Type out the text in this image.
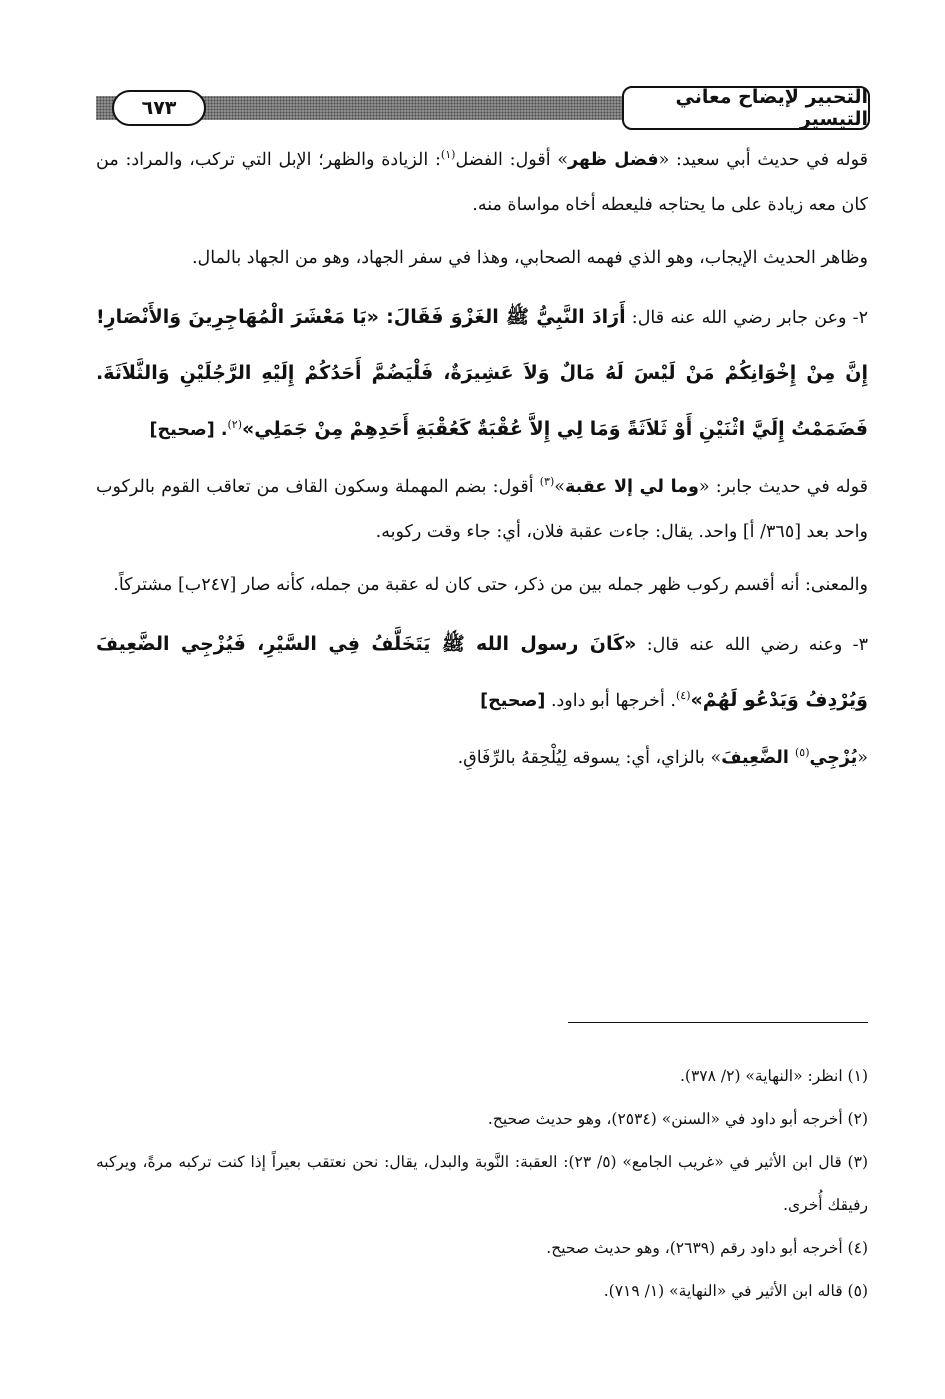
التحبير لإيضاح معاني التيسير
٦٧٣

قوله في حديث أبي سعيد: «فضل ظهر» أقول: الفضل$^{(١)}$: الزيادة والظهر؛ الإبل التي تركب، والمراد: من كان معه زيادة على ما يحتاجه فليعطه أخاه مواساة منه.

وظاهر الحديث الإيجاب، وهو الذي فهمه الصحابي، وهذا في سفر الجهاد، وهو من الجهاد بالمال.

٢- وعن جابر رضي الله عنه قال: أَرَادَ النَّبِيُّ ﷺ الغَزْوَ فَقَالَ: «يَا مَعْشَرَ الْمُهَاجِرِينَ وَالأَنْصَارِ! إِنَّ مِنْ إِخْوَانِكُمْ مَنْ لَيْسَ لَهُ مَالٌ وَلاَ عَشِيرَةٌ، فَلْيَضُمَّ أَحَدُكُمْ إِلَيْهِ الرَّجُلَيْنِ وَالثَّلاَثَةَ. فَضَمَمْتُ إِلَيَّ اثْنَيْنِ أَوْ ثَلاَثَةً وَمَا لِي إِلاَّ عُقْبَةٌ كَعُقْبَةِ أَحَدِهِمْ مِنْ جَمَلِي»$^{(٢)}$. [صحيح]

قوله في حديث جابر: «وما لي إلا عقبة»$^{(٣)}$ أقول: بضم المهملة وسكون القاف من تعاقب القوم بالركوب واحد بعد [٣٦٥/ أ] واحد. يقال: جاءت عقبة فلان، أي: جاء وقت ركوبه.

والمعنى: أنه أقسم ركوب ظهر جمله بين من ذكر، حتى كان له عقبة من جمله، كأنه صار [٢٤٧ب] مشتركاً.

٣- وعنه رضي الله عنه قال: «كَانَ رسول الله ﷺ يَتَخَلَّفُ فِي السَّيْرِ، فَيُزْجِي الضَّعِيفَ وَيُرْدِفُ وَيَدْعُو لَهُمْ»$^{(٤)}$. أخرجها أبو داود. [صحيح]

«يُزْجِي$^{(٥)}$ الضَّعِيفَ» بالزاي، أي: يسوقه لِيُلْحِقهُ بالرِّفَاقِ.

(١) انظر: «النهاية» (٢/ ٣٧٨).

(٢) أخرجه أبو داود في «السنن» (٢٥٣٤)، وهو حديث صحيح.

(٣) قال ابن الأثير في «غريب الجامع» (٥/ ٢٣): العقبة: النَّوبة والبدل، يقال: نحن نعتقب بعيراً إذا كنت تركبه مرةً، ويركبه رفيقك أُخرى.

(٤) أخرجه أبو داود رقم (٢٦٣٩)، وهو حديث صحيح.

(٥) قاله ابن الأثير في «النهاية» (١/ ٧١٩).
